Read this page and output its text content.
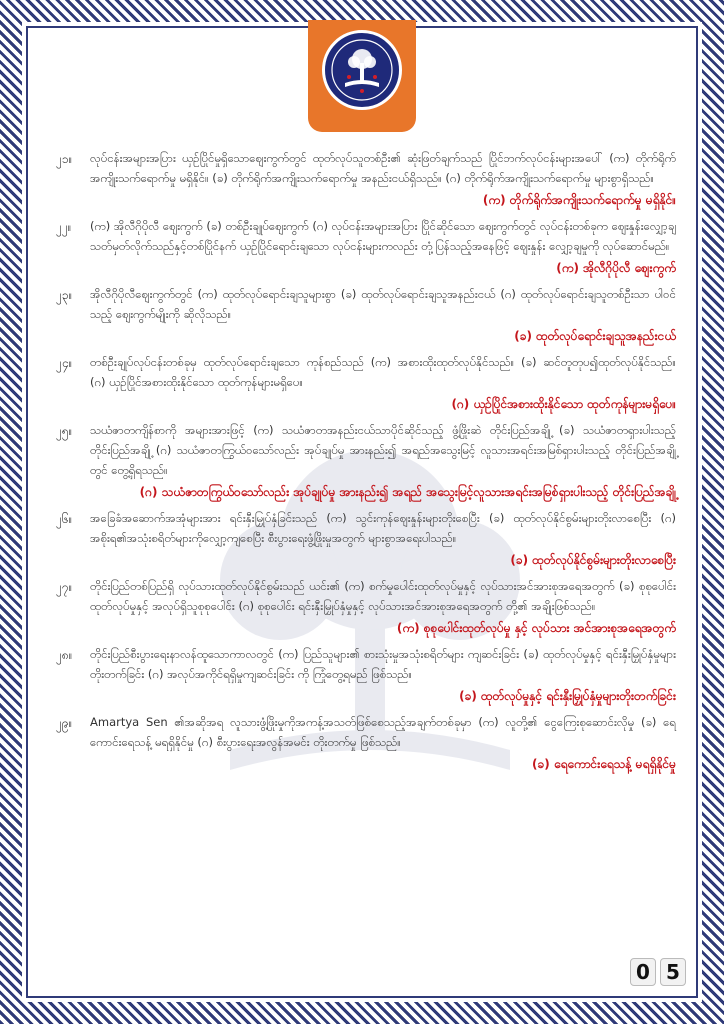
၂၁။	လုပ်ငန်းအများအပြား ယှဉ်ပြိုင်မှုရှိသောဈေးကွက်တွင် ထုတ်လုပ်သူတစ်ဦး၏ ဆုံးဖြတ်ချက်သည် ပြိုင်ဘက်လုပ်ငန်းများအပေါ် (က) တိုက်ရိုက်အကျိုးသက်ရောက်မှု မရှိနိုင်။ (ခ) တိုက်ရိုက်အကျိုးသက်ရောက်မှု အနည်းငယ်ရှိသည်။ (ဂ) တိုက်ရိုက်အကျိုးသက်ရောက်မှု များစွာရှိသည်။
(က) တိုက်ရိုက်အကျိုးသက်ရောက်မှု မရှိနိုင်။
၂၂။	(က) အိုလီဂိုပိုလီ ဈေးကွက် (ခ) တစ်ဦးချုပ်ဈေးကွက် (ဂ) လုပ်ငန်းအများအပြား ပြိုင်ဆိုင်သော ဈေးကွက်တွင် လုပ်ငန်းတစ်ခုက ဈေးနှုန်းလျှော့ချ သတ်မှတ်လိုက်သည်နှင့်တစ်ပြိုင်နက် ယှဉ်ပြိုင်ရောင်းချသော လုပ်ငန်းများကလည်း တုံ့ပြန်သည့်အနေဖြင့် ဈေးနှုန်း လျှော့ချမှုကို လုပ်ဆောင်မည်။
(က) အိုလီဂိုပိုလီ ဈေးကွက်
၂၃။	အိုလီဂိုပိုလီဈေးကွက်တွင် (က) ထုတ်လုပ်ရောင်းချသူများစွာ (ခ) ထုတ်လုပ်ရောင်းချသူအနည်းငယ် (ဂ) ထုတ်လုပ်ရောင်းချသူတစ်ဦးသာ ပါဝင်သည့် ဈေးကွက်မျိုးကို ဆိုလိုသည်။
(ခ) ထုတ်လုပ်ရောင်းချသူအနည်းငယ်
၂၄။	တစ်ဦးချုပ်လုပ်ငန်းတစ်ခုမှ ထုတ်လုပ်ရောင်းချသော ကုန်စည်သည် (က) အစားထိုးထုတ်လုပ်နိုင်သည်။ (ခ) ဆင်တူတုပ၍ထုတ်လုပ်နိုင်သည်။ (ဂ) ယှဉ်ပြိုင်အစားထိုးနိုင်သော ထုတ်ကုန်များမရှိပေ။
(ဂ) ယှဉ်ပြိုင်အစားထိုးနိုင်သော ထုတ်ကုန်များမရှိပေ။
၂၅။	သယံဇာတကျိန်စာကို အများအားဖြင့် (က) သယံဇာတအနည်းငယ်သာပိုင်ဆိုင်သည့် ဖွံ့ဖြိုးဆဲ တိုင်းပြည်အချို့ (ခ) သယံဇာတရှားပါးသည့် တိုင်းပြည်အချို့ (ဂ) သယံဇာတကြွယ်ဝသော်လည်း အုပ်ချုပ်မှု အားနည်း၍ အရည်အသွေးမြင့် လူသားအရင်းအမြစ်ရှားပါးသည့် တိုင်းပြည်အချို့တွင် တွေ့ရှိရသည်။
(ဂ) သယံဇာတကြွယ်ဝသော်လည်း အုပ်ချုပ်မှု အားနည်း၍ အရည် အသွေးမြင့်လူသားအရင်းအမြစ်ရှားပါးသည့် တိုင်းပြည်အချို့
၂၆။	အခြေခံအဆောက်အအုံများအား ရင်းနှီးမြှုပ်နှံခြင်းသည် (က) သွင်းကုန်ဈေးနှုန်းများတိုးစေပြီး (ခ) ထုတ်လုပ်နိုင်စွမ်းများတိုးလာစေပြီး (ဂ) အစိုးရ၏အသုံးစရိတ်များကိုလျှော့ကျစေပြီး စီးပွားရေးဖွံ့ဖြိုးမှုအတွက် များစွာအရေးပါသည်။
(ခ) ထုတ်လုပ်နိုင်စွမ်းများတိုးလာစေပြီး
၂၇။	တိုင်းပြည်တစ်ပြည်ရှိ လုပ်သားထုတ်လုပ်နိုင်စွမ်းသည် ယင်း၏ (က) စက်မှုပေါင်းထုတ်လုပ်မှုနှင့် လုပ်သားအင်အားစုအရေအတွက် (ခ) စုစုပေါင်းထုတ်လုပ်မှုနှင့် အလုပ်ရှိသူစုစုပေါင်း (ဂ) စုစုပေါင်း ရင်းနှီးမြှုပ်နှံမှုနှင့် လုပ်သားအင်အားစုအရေအတွက် တို့၏ အချိုးဖြစ်သည်။
(က) စုစုပေါင်းထုတ်လုပ်မှု နှင့် လုပ်သား အင်အားစုအရေအတွက်
၂၈။	တိုင်းပြည်စီးပွားရေးနာလန်ထူသောကာလတွင် (က) ပြည်သူများ၏ စားသုံးမှုအသုံးစရိတ်များ ကျဆင်းခြင်း (ခ) ထုတ်လုပ်မှုနှင့် ရင်းနှီးမြှုပ်နှံမှုများတိုးတက်ခြင်း (ဂ) အလုပ်အကိုင်ရရှိမှုကျဆင်းခြင်း ကို ကြုံတွေ့ရမည် ဖြစ်သည်။
(ခ) ထုတ်လုပ်မှုနှင့် ရင်းနှီးမြှုပ်နှံမှုများတိုးတက်ခြင်း
၂၉။	Amartya Sen ၏အဆိုအရ လူသားဖွံ့ဖြိုးမှုကိုအကန့်အသတ်ဖြစ်စေသည့်အချက်တစ်ခုမှာ (က) လူတို့၏ ငွေကြေးစုဆောင်းလိုမှု (ခ) ရေကောင်းရေသန့် မရရှိနိုင်မှု (ဂ) စီးပွားရေးအလွန်အမင်း တိုးတက်မှု ဖြစ်သည်။
(ခ) ရေကောင်းရေသန့် မရရှိနိုင်မှု
0 5
